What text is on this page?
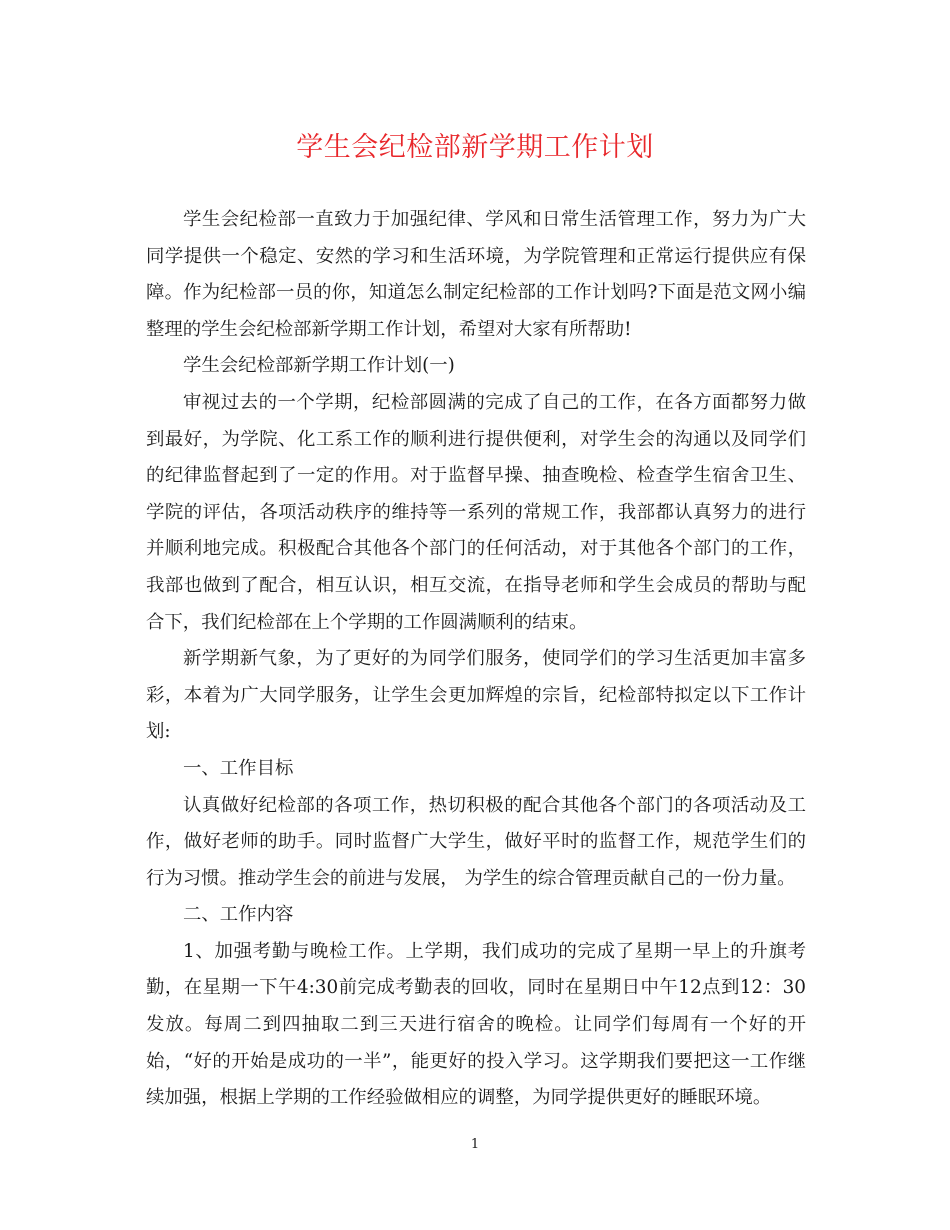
学生会纪检部新学期工作计划

学生会纪检部一直致力于加强纪律、学风和日常生活管理工作，努力为广大同学提供一个稳定、安然的学习和生活环境，为学院管理和正常运行提供应有保障。作为纪检部一员的你，知道怎么制定纪检部的工作计划吗?下面是范文网小编整理的学生会纪检部新学期工作计划，希望对大家有所帮助!

学生会纪检部新学期工作计划(一)

审视过去的一个学期，纪检部圆满的完成了自己的工作，在各方面都努力做到最好，为学院、化工系工作的顺利进行提供便利，对学生会的沟通以及同学们的纪律监督起到了一定的作用。对于监督早操、抽查晚检、检查学生宿舍卫生、学院的评估，各项活动秩序的维持等一系列的常规工作，我部都认真努力的进行并顺利地完成。积极配合其他各个部门的任何活动，对于其他各个部门的工作，我部也做到了配合，相互认识，相互交流，在指导老师和学生会成员的帮助与配合下，我们纪检部在上个学期的工作圆满顺利的结束。

新学期新气象，为了更好的为同学们服务，使同学们的学习生活更加丰富多彩，本着为广大同学服务，让学生会更加辉煌的宗旨，纪检部特拟定以下工作计划:

一、工作目标

认真做好纪检部的各项工作，热切积极的配合其他各个部门的各项活动及工作，做好老师的助手。同时监督广大学生，做好平时的监督工作，规范学生们的行为习惯。推动学生会的前进与发展， 为学生的综合管理贡献自己的一份力量。

二、工作内容

1、加强考勤与晚检工作。上学期，我们成功的完成了星期一早上的升旗考勤，在星期一下午4:30前完成考勤表的回收，同时在星期日中午12点到12：30发放。每周二到四抽取二到三天进行宿舍的晚检。让同学们每周有一个好的开始，“好的开始是成功的一半”，能更好的投入学习。这学期我们要把这一工作继续加强，根据上学期的工作经验做相应的调整，为同学提供更好的睡眠环境。

1
